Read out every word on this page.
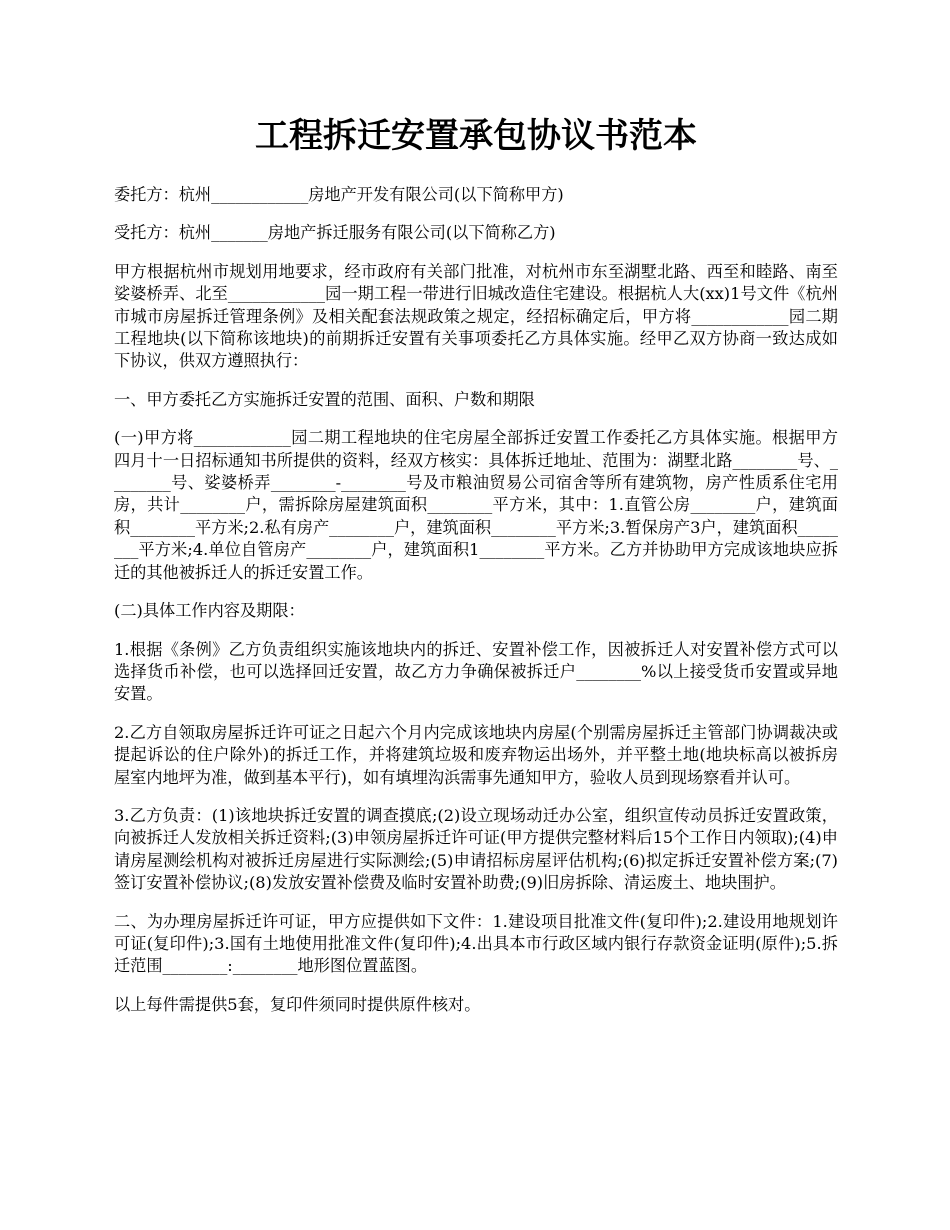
工程拆迁安置承包协议书范本

委托方：杭州____________房地产开发有限公司(以下简称甲方)

受托方：杭州_______房地产拆迁服务有限公司(以下简称乙方)

甲方根据杭州市规划用地要求，经市政府有关部门批准，对杭州市东至湖墅北路、西至和睦路、南至娑婆桥弄、北至____________园一期工程一带进行旧城改造住宅建设。根据杭人大(xx)1号文件《杭州市城市房屋拆迁管理条例》及相关配套法规政策之规定，经招标确定后，甲方将____________园二期工程地块(以下简称该地块)的前期拆迁安置有关事项委托乙方具体实施。经甲乙双方协商一致达成如下协议，供双方遵照执行：

一、甲方委托乙方实施拆迁安置的范围、面积、户数和期限

(一)甲方将____________园二期工程地块的住宅房屋全部拆迁安置工作委托乙方具体实施。根据甲方四月十一日招标通知书所提供的资料，经双方核实：具体拆迁地址、范围为：湖墅北路________号、________号、娑婆桥弄________-________号及市粮油贸易公司宿舍等所有建筑物，房产性质系住宅用房，共计________户，需拆除房屋建筑面积________平方米，其中：1.直管公房________户，建筑面积________平方米;2.私有房产________户，建筑面积________平方米;3.暂保房产3户，建筑面积________平方米;4.单位自管房产________户，建筑面积1________平方米。乙方并协助甲方完成该地块应拆迁的其他被拆迁人的拆迁安置工作。

(二)具体工作内容及期限：

1.根据《条例》乙方负责组织实施该地块内的拆迁、安置补偿工作，因被拆迁人对安置补偿方式可以选择货币补偿，也可以选择回迁安置，故乙方力争确保被拆迁户________%以上接受货币安置或异地安置。

2.乙方自领取房屋拆迁许可证之日起六个月内完成该地块内房屋(个别需房屋拆迁主管部门协调裁决或提起诉讼的住户除外)的拆迁工作，并将建筑垃圾和废弃物运出场外，并平整土地(地块标高以被拆房屋室内地坪为准，做到基本平行)，如有填埋沟浜需事先通知甲方，验收人员到现场察看并认可。

3.乙方负责：(1)该地块拆迁安置的调查摸底;(2)设立现场动迁办公室，组织宣传动员拆迁安置政策，向被拆迁人发放相关拆迁资料;(3)申领房屋拆迁许可证(甲方提供完整材料后15个工作日内领取);(4)申请房屋测绘机构对被拆迁房屋进行实际测绘;(5)申请招标房屋评估机构;(6)拟定拆迁安置补偿方案;(7)签订安置补偿协议;(8)发放安置补偿费及临时安置补助费;(9)旧房拆除、清运废土、地块围护。

二、为办理房屋拆迁许可证，甲方应提供如下文件：1.建设项目批准文件(复印件);2.建设用地规划许可证(复印件);3.国有土地使用批准文件(复印件);4.出具本市行政区域内银行存款资金证明(原件);5.拆迁范围________:________地形图位置蓝图。

以上每件需提供5套，复印件须同时提供原件核对。
